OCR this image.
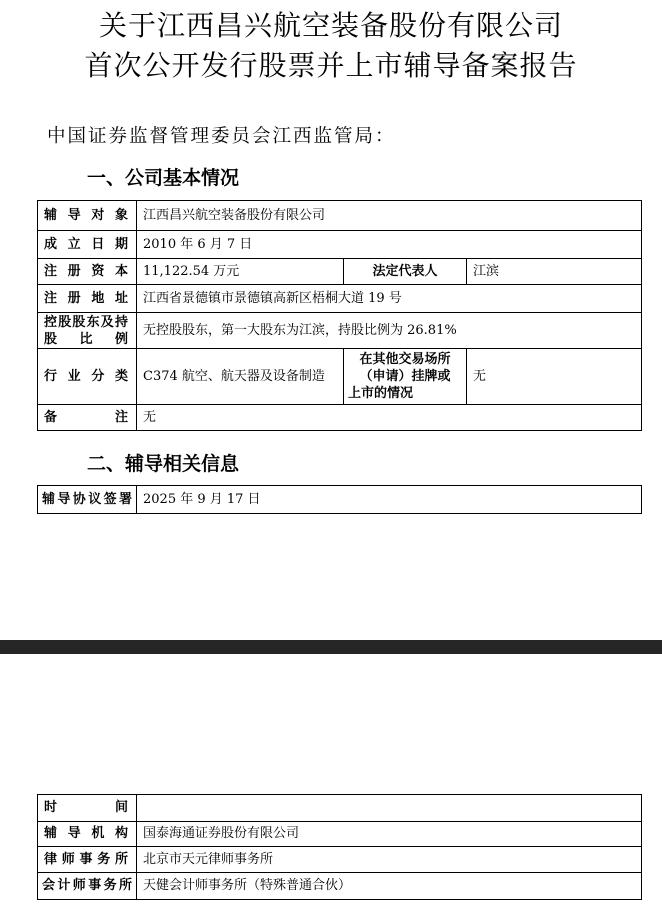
关于江西昌兴航空装备股份有限公司
首次公开发行股票并上市辅导备案报告
中国证券监督管理委员会江西监管局：
一、公司基本情况
辅导对象	江西昌兴航空装备股份有限公司		
成立日期	2010 年 6 月 7 日		
注册资本	11,122.54 万元	法定代表人	江滨
注册地址	江西省景德镇市景德镇高新区梧桐大道 19 号		

控股股东及持
股比例	无控股股东，第一大股东为江滨，持股比例为 26.81%		
行业分类	C374 航空、航天器及设备制造	在其他交易场所
（申请）挂牌或
上市的情况	无
备注	无		
二、辅导相关信息
辅导协议签署	2025 年 9 月 17 日
时间	
辅导机构	国泰海通证券股份有限公司
律师事务所	北京市天元律师事务所
会计师事务所	天健会计师事务所（特殊普通合伙）
